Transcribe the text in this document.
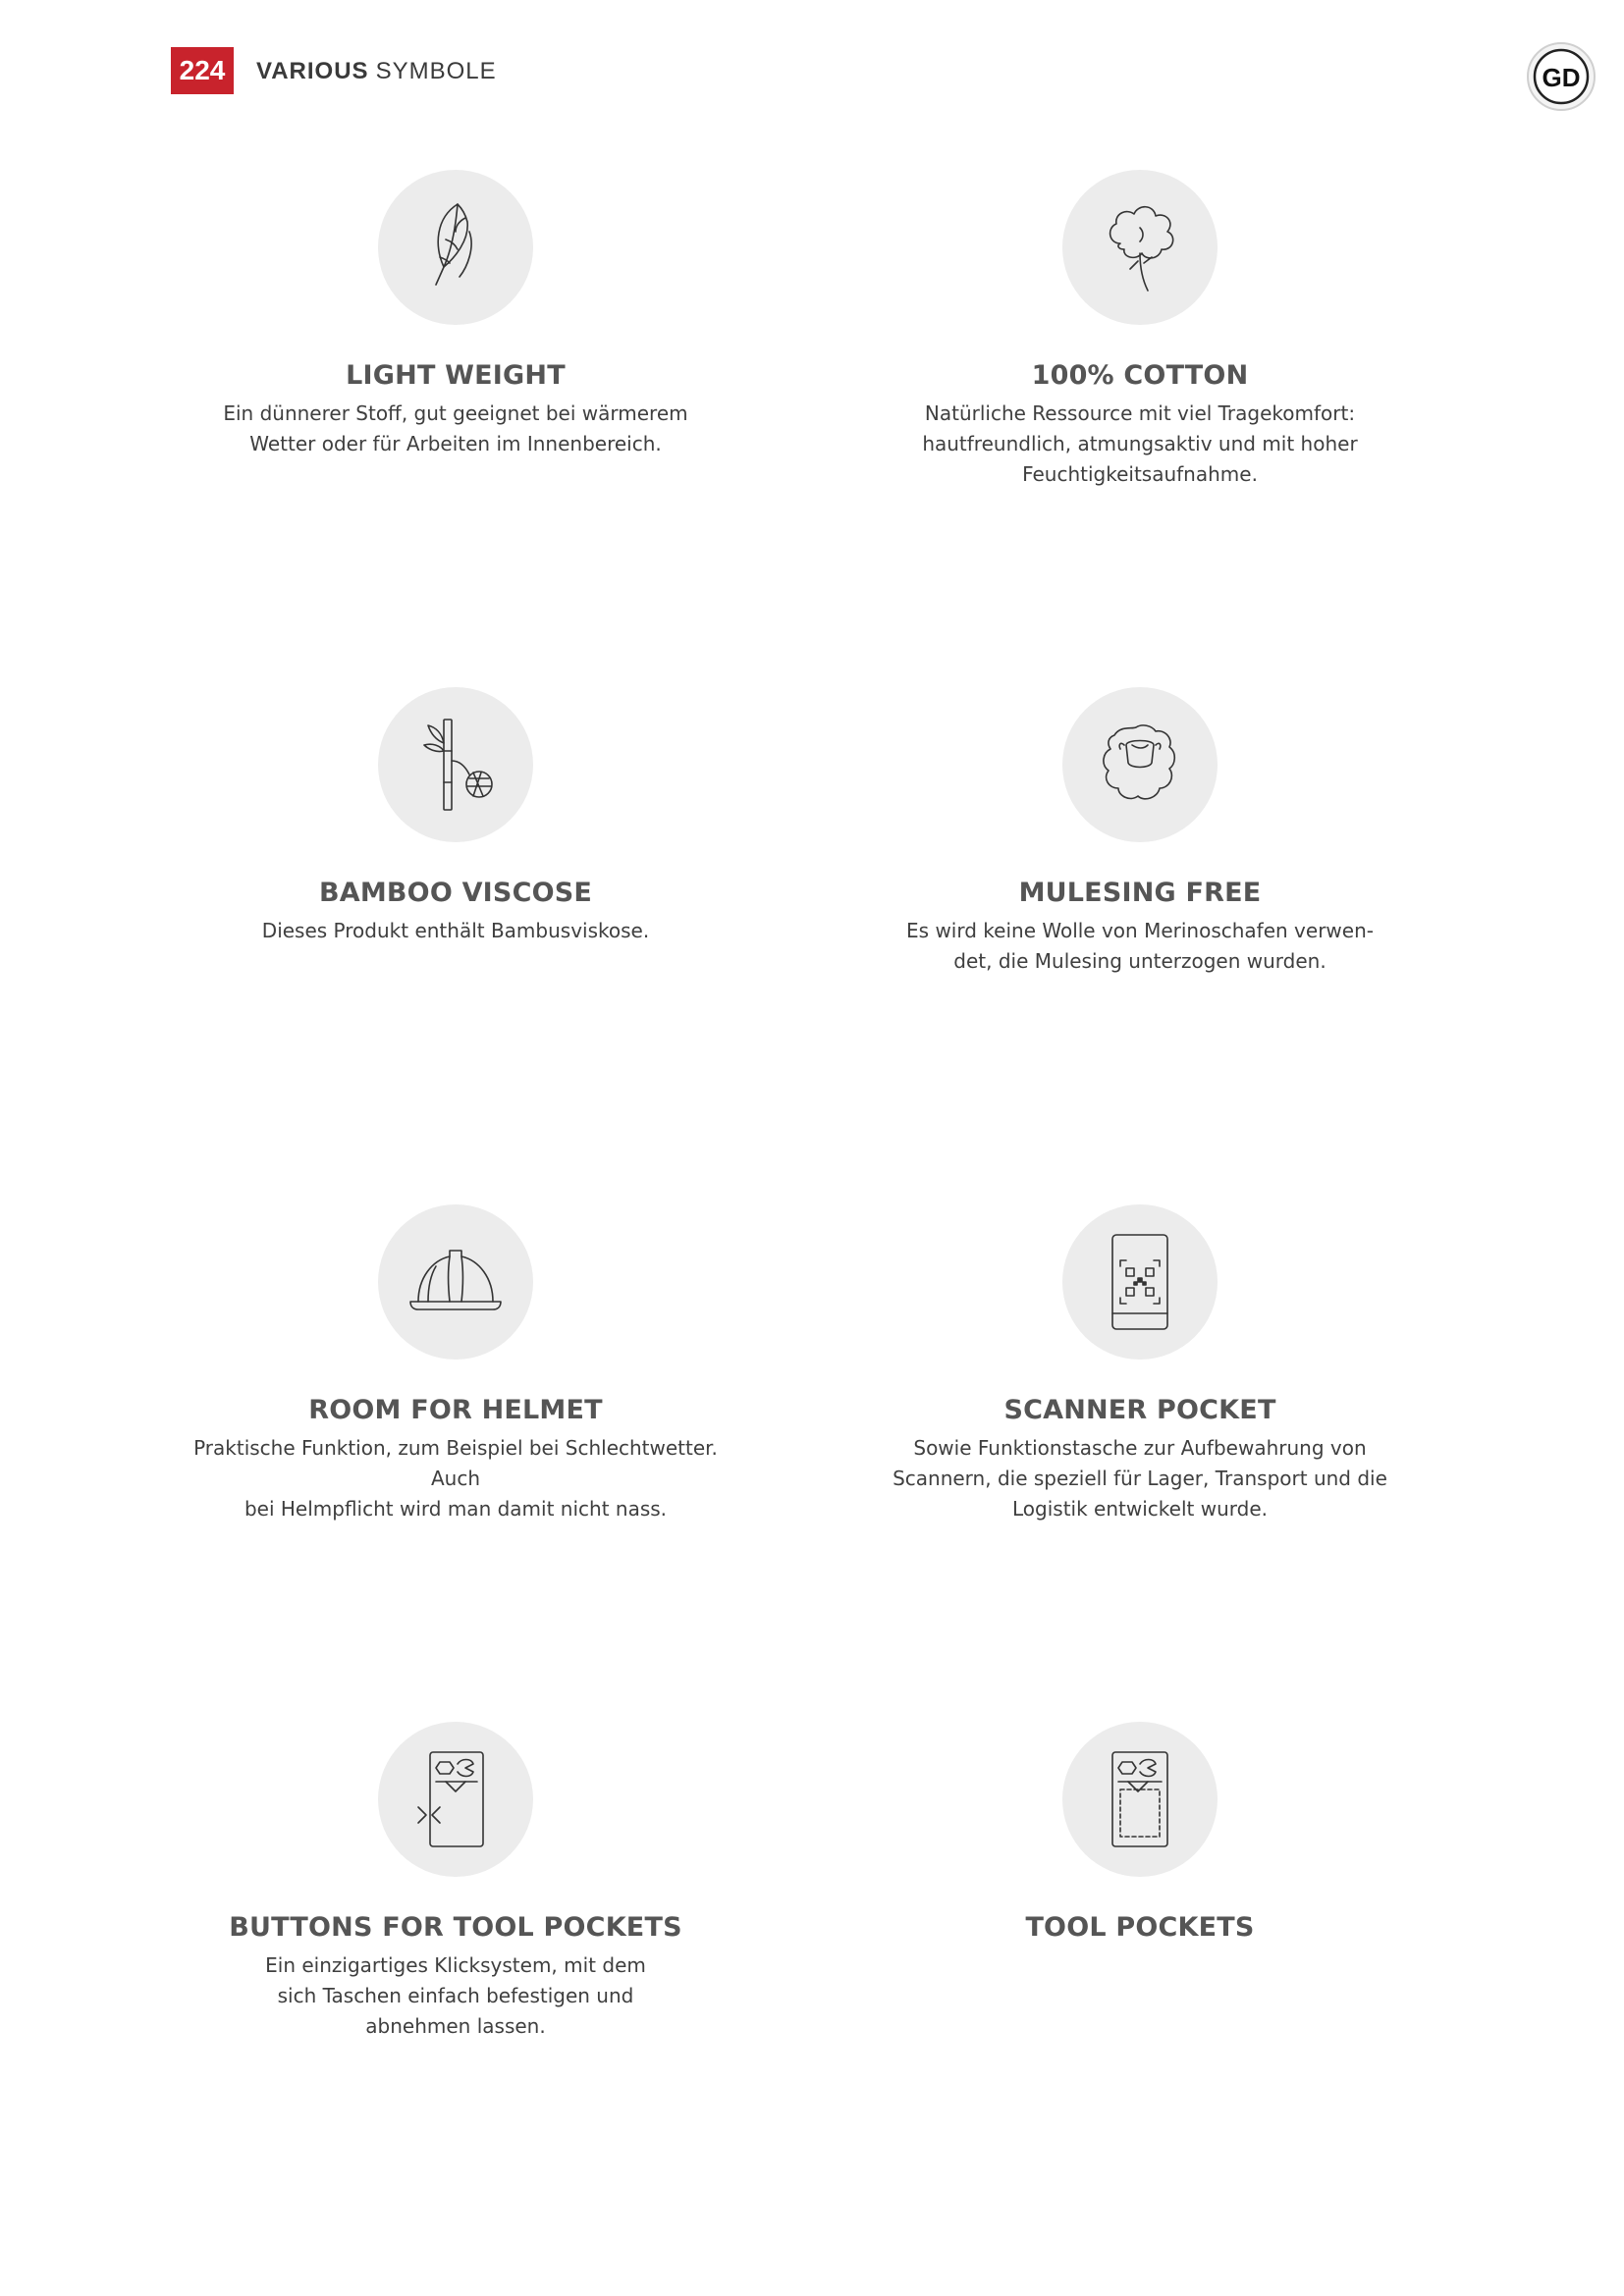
224	VARIOUS SYMBOLE	GD
LIGHT WEIGHT
Ein dünnerer Stoff, gut geeignet bei wärmerem
Wetter oder für Arbeiten im Innenbereich.
100% COTTON
Natürliche Ressource mit viel Tragekomfort:
hautfreundlich, atmungsaktiv und mit hoher
Feuchtigkeitsaufnahme.
BAMBOO VISCOSE
Dieses Produkt enthält Bambusviskose.
MULESING FREE
Es wird keine Wolle von Merinoschafen verwen-
det, die Mulesing unterzogen wurden.
ROOM FOR HELMET
Praktische Funktion, zum Beispiel bei Schlechtwetter. Auch
bei Helmpflicht wird man damit nicht nass.
SCANNER POCKET
Sowie Funktionstasche zur Aufbewahrung von
Scannern, die speziell für Lager, Transport und die
Logistik entwickelt wurde.
BUTTONS FOR TOOL POCKETS
Ein einzigartiges Klicksystem, mit dem
sich Taschen einfach befestigen und
abnehmen lassen.
TOOL POCKETS
